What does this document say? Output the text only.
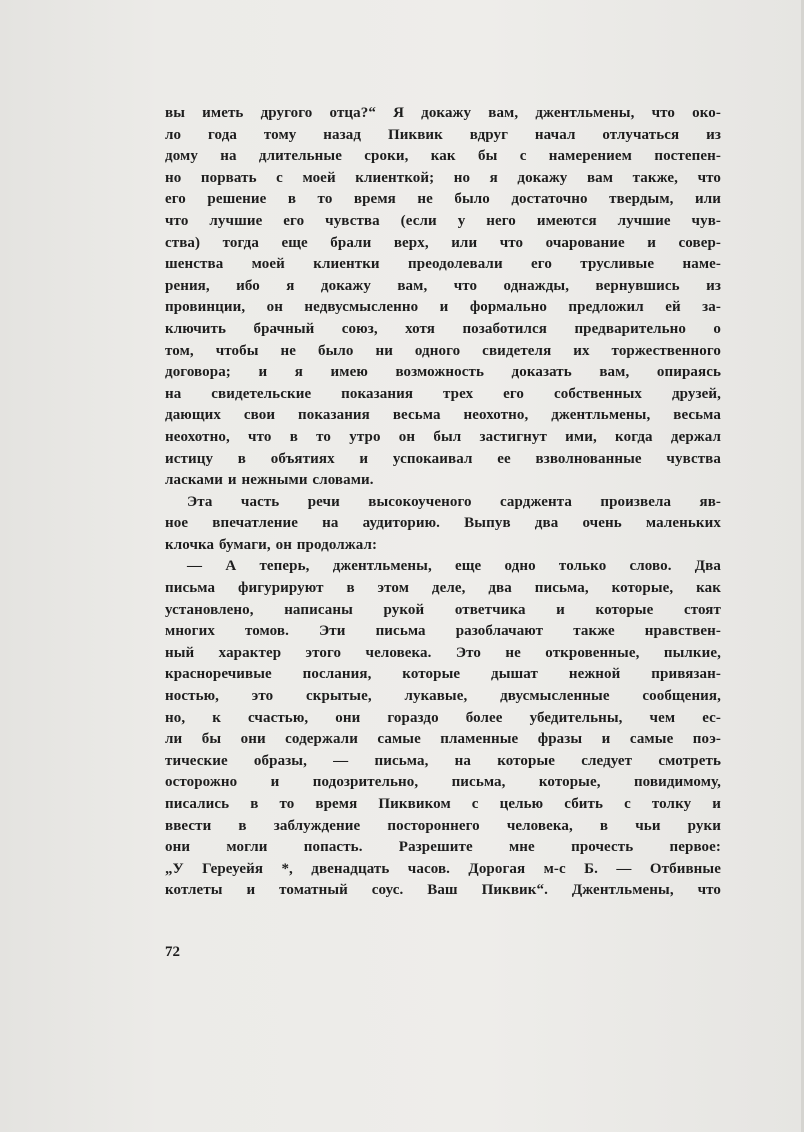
вы иметь другого отца?“ Я докажу вам, джентльмены, что око-
ло года тому назад Пиквик вдруг начал отлучаться из
дому на длительные сроки, как бы с намерением постепен-
но порвать с моей клиенткой; но я докажу вам также, что
его решение в то время не было достаточно твердым, или
что лучшие его чувства (если у него имеются лучшие чув-
ства) тогда еще брали верх, или что очарование и совер-
шенства моей клиентки преодолевали его трусливые наме-
рения, ибо я докажу вам, что однажды, вернувшись из
провинции, он недвусмысленно и формально предложил ей за-
ключить брачный союз, хотя позаботился предварительно о
том, чтобы не было ни одного свидетеля их торжественного
договора; и я имею возможность доказать вам, опираясь
на свидетельские показания трех его собственных друзей,
дающих свои показания весьма неохотно, джентльмены, весьма
неохотно, что в то утро он был застигнут ими, когда держал
истицу в объятиях и успокаивал ее взволнованные чувства
ласками и нежными словами.
Эта часть речи высокоученого сарджента произвела яв-
ное впечатление на аудиторию. Выпув два очень маленьких
клочка бумаги, он продолжал:
— А теперь, джентльмены, еще одно только слово. Два
письма фигурируют в этом деле, два письма, которые, как
установлено, написаны рукой ответчика и которые стоят
многих томов. Эти письма разоблачают также нравствен-
ный характер этого человека. Это не откровенные, пылкие,
красноречивые послания, которые дышат нежной привязан-
ностью, это скрытые, лукавые, двусмысленные сообщения,
но, к счастью, они гораздо более убедительны, чем ес-
ли бы они содержали самые пламенные фразы и самые поэ-
тические образы, — письма, на которые следует смотреть
осторожно и подозрительно, письма, которые, повидимому,
писались в то время Пиквиком с целью сбить с толку и
ввести в заблуждение постороннего человека, в чьи руки
они могли попасть. Разрешите мне прочесть первое:
„У Гереуейя *, двенадцать часов. Дорогая м-с Б. — Отбивные
котлеты и томатный соус. Ваш Пиквик“. Джентльмены, что
72
